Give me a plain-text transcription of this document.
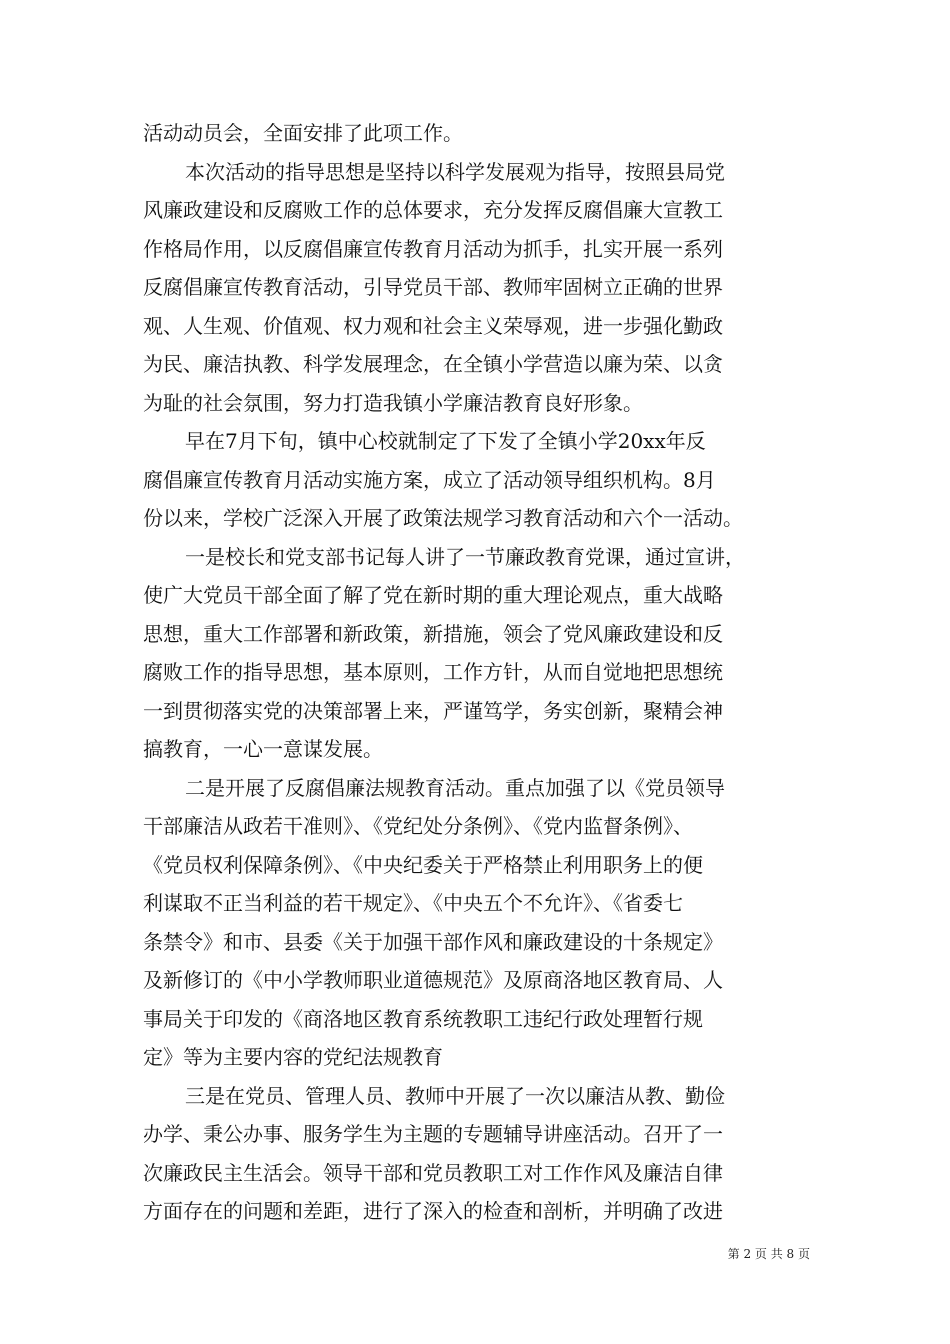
活动动员会，全面安排了此项工作。
本次活动的指导思想是坚持以科学发展观为指导，按照县局党
风廉政建设和反腐败工作的总体要求，充分发挥反腐倡廉大宣教工
作格局作用，以反腐倡廉宣传教育月活动为抓手，扎实开展一系列
反腐倡廉宣传教育活动，引导党员干部、教师牢固树立正确的世界
观、人生观、价值观、权力观和社会主义荣辱观，进一步强化勤政
为民、廉洁执教、科学发展理念，在全镇小学营造以廉为荣、以贪
为耻的社会氛围，努力打造我镇小学廉洁教育良好形象。
早在7月下旬，镇中心校就制定了下发了全镇小学20xx年反
腐倡廉宣传教育月活动实施方案，成立了活动领导组织机构。8月
份以来，学校广泛深入开展了政策法规学习教育活动和六个一活动。
一是校长和党支部书记每人讲了一节廉政教育党课，通过宣讲，
使广大党员干部全面了解了党在新时期的重大理论观点，重大战略
思想，重大工作部署和新政策，新措施，领会了党风廉政建设和反
腐败工作的指导思想，基本原则，工作方针，从而自觉地把思想统
一到贯彻落实党的决策部署上来，严谨笃学，务实创新，聚精会神
搞教育，一心一意谋发展。
二是开展了反腐倡廉法规教育活动。重点加强了以《党员领导
干部廉洁从政若干准则》、《党纪处分条例》、《党内监督条例》、
《党员权利保障条例》、《中央纪委关于严格禁止利用职务上的便
利谋取不正当利益的若干规定》、《中央五个不允许》、《省委七
条禁令》和市、县委《关于加强干部作风和廉政建设的十条规定》
及新修订的《中小学教师职业道德规范》及原商洛地区教育局、人
事局关于印发的《商洛地区教育系统教职工违纪行政处理暂行规
定》等为主要内容的党纪法规教育
三是在党员、管理人员、教师中开展了一次以廉洁从教、勤俭
办学、秉公办事、服务学生为主题的专题辅导讲座活动。召开了一
次廉政民主生活会。领导干部和党员教职工对工作作风及廉洁自律
方面存在的问题和差距，进行了深入的检查和剖析，并明确了改进
第 2 页 共 8 页
